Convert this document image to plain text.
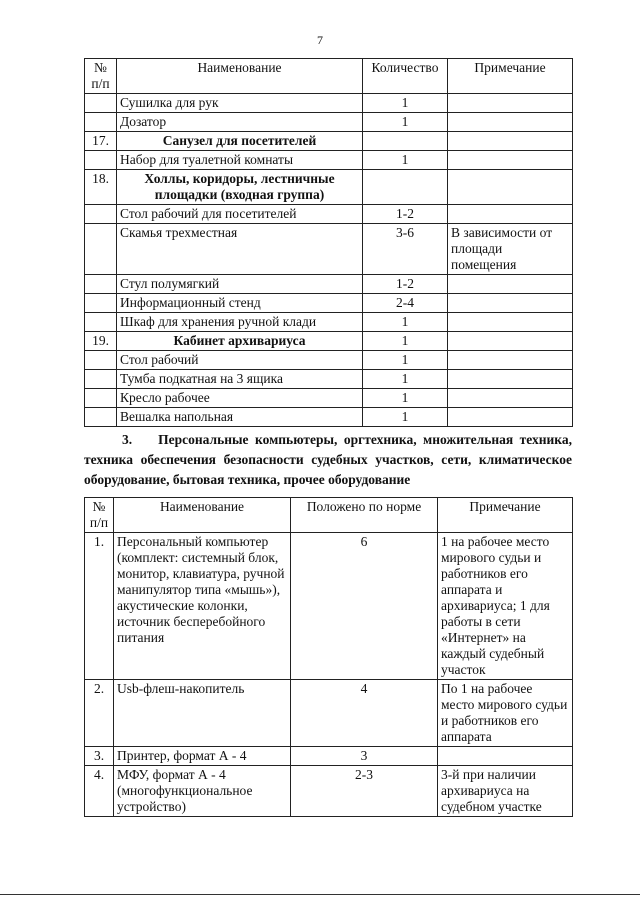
7
№ п/п	Наименование	Количество	Примечание
	Сушилка для рук	1	
	Дозатор	1	
17.	Санузел для посетителей		
	Набор для туалетной комнаты	1	
18.	Холлы, коридоры, лестничные площадки (входная группа)		
	Стол рабочий для посетителей	1-2	
	Скамья трехместная	3-6	В зависимости от площади помещения
	Стул полумягкий	1-2	
	Информационный стенд	2-4	
	Шкаф для хранения ручной клади	1	
19.	Кабинет архивариуса	1	
	Стол рабочий	1	
	Тумба подкатная на 3 ящика	1	
	Кресло рабочее	1	
	Вешалка напольная	1	
3. Персональные компьютеры, оргтехника, множительная техника, техника обеспечения безопасности судебных участков, сети, климатическое оборудование, бытовая техника, прочее оборудование
№ п/п	Наименование	Положено по норме	Примечание
1.	Персональный компьютер (комплект: системный блок, монитор, клавиатура, ручной манипулятор типа «мышь»), акустические колонки, источник бесперебойного питания	6	1 на рабочее место мирового судьи и работников его аппарата и архивариуса; 1 для работы в сети «Интернет» на каждый судебный участок
2.	Usb-флеш-накопитель	4	По 1 на рабочее место мирового судьи и работников его аппарата
3.	Принтер, формат А - 4	3	
4.	МФУ, формат А - 4 (многофункциональное устройство)	2-3	3-й при наличии архивариуса на судебном участке
